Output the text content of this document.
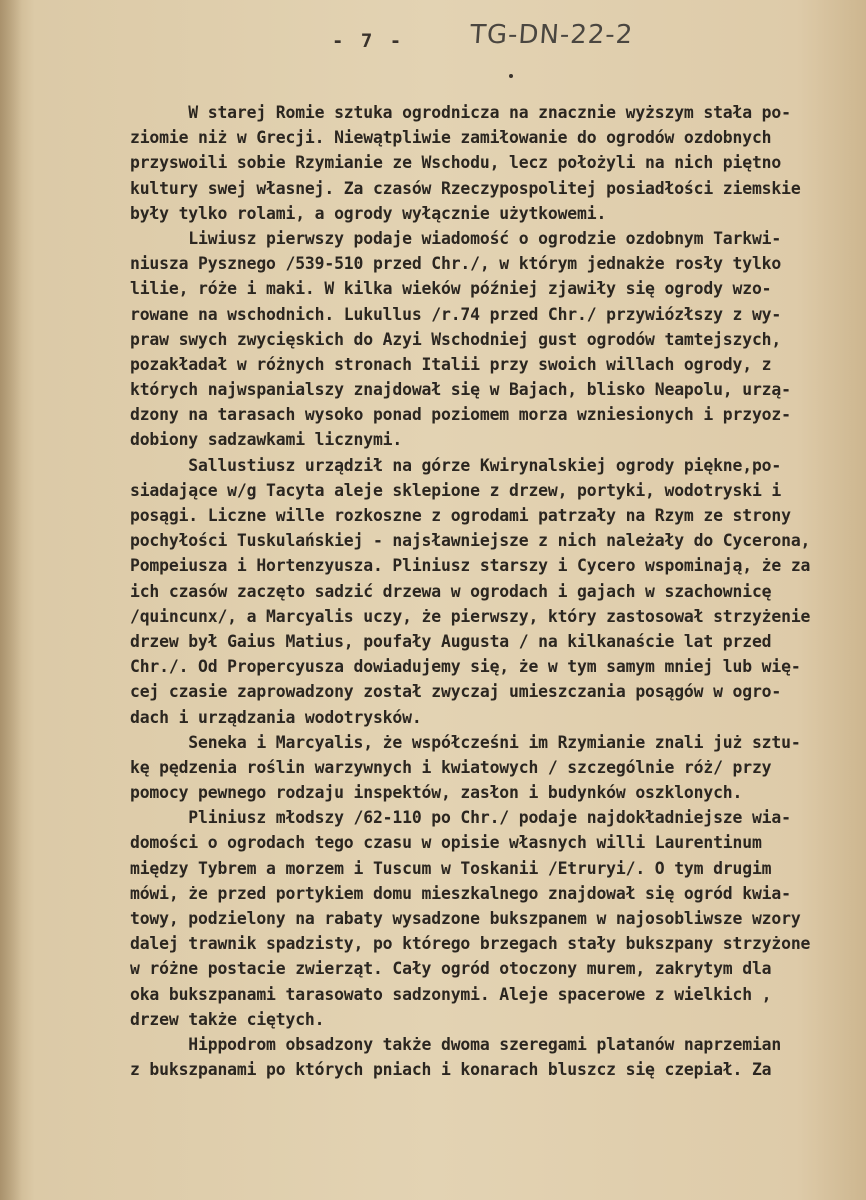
- 7 - TG-DN-22-2
W starej Romie sztuka ogrodnicza na znacznie wyższym stała po-
ziomie niż w Grecji. Niewątpliwie zamiłowanie do ogrodów ozdobnych
przyswoili sobie Rzymianie ze Wschodu, lecz położyli na nich piętno
kultury swej własnej. Za czasów Rzeczypospolitej posiadłości ziemskie
były tylko rolami, a ogrody wyłącznie użytkowemi.
Liwiusz pierwszy podaje wiadomość o ogrodzie ozdobnym Tarkwi-
niusza Pysznego /539-510 przed Chr./, w którym jednakże rosły tylko
lilie, róże i maki. W kilka wieków później zjawiły się ogrody wzo-
rowane na wschodnich. Lukullus /r.74 przed Chr./ przywiózłszy z wy-
praw swych zwycięskich do Azyi Wschodniej gust ogrodów tamtejszych,
pozakładał w różnych stronach Italii przy swoich willach ogrody, z
których najwspanialszy znajdował się w Bajach, blisko Neapolu, urzą-
dzony na tarasach wysoko ponad poziomem morza wzniesionych i przyoz-
dobiony sadzawkami licznymi.
Sallustiusz urządził na górze Kwirynalskiej ogrody piękne,po-
siadające w/g Tacyta aleje sklepione z drzew, portyki, wodotryski i
posągi. Liczne wille rozkoszne z ogrodami patrzały na Rzym ze strony
pochyłości Tuskulańskiej - najsławniejsze z nich należały do Cycerona,
Pompeiusza i Hortenzyusza. Pliniusz starszy i Cycero wspominają, że za
ich czasów zaczęto sadzić drzewa w ogrodach i gajach w szachownicę
/quincunx/, a Marcyalis uczy, że pierwszy, który zastosował strzyżenie
drzew był Gaius Matius, poufały Augusta / na kilkanaście lat przed
Chr./. Od Propercyusza dowiadujemy się, że w tym samym mniej lub wię-
cej czasie zaprowadzony został zwyczaj umieszczania posągów w ogro-
dach i urządzania wodotrysków.
Seneka i Marcyalis, że współcześni im Rzymianie znali już sztu-
kę pędzenia roślin warzywnych i kwiatowych / szczególnie róż/ przy
pomocy pewnego rodzaju inspektów, zasłon i budynków oszklonych.
Pliniusz młodszy /62-110 po Chr./ podaje najdokładniejsze wia-
domości o ogrodach tego czasu w opisie własnych willi Laurentinum
między Tybrem a morzem i Tuscum w Toskanii /Etruryi/. O tym drugim
mówi, że przed portykiem domu mieszkalnego znajdował się ogród kwia-
towy, podzielony na rabaty wysadzone bukszpanem w najosobliwsze wzory
dalej trawnik spadzisty, po którego brzegach stały bukszpany strzyżone
w różne postacie zwierząt. Cały ogród otoczony murem, zakrytym dla
oka bukszpanami tarasowato sadzonymi. Aleje spacerowe z wielkich ,
drzew także ciętych.
Hippodrom obsadzony także dwoma szeregami platanów naprzemian
z bukszpanami po których pniach i konarach bluszcz się czepiał. Za
